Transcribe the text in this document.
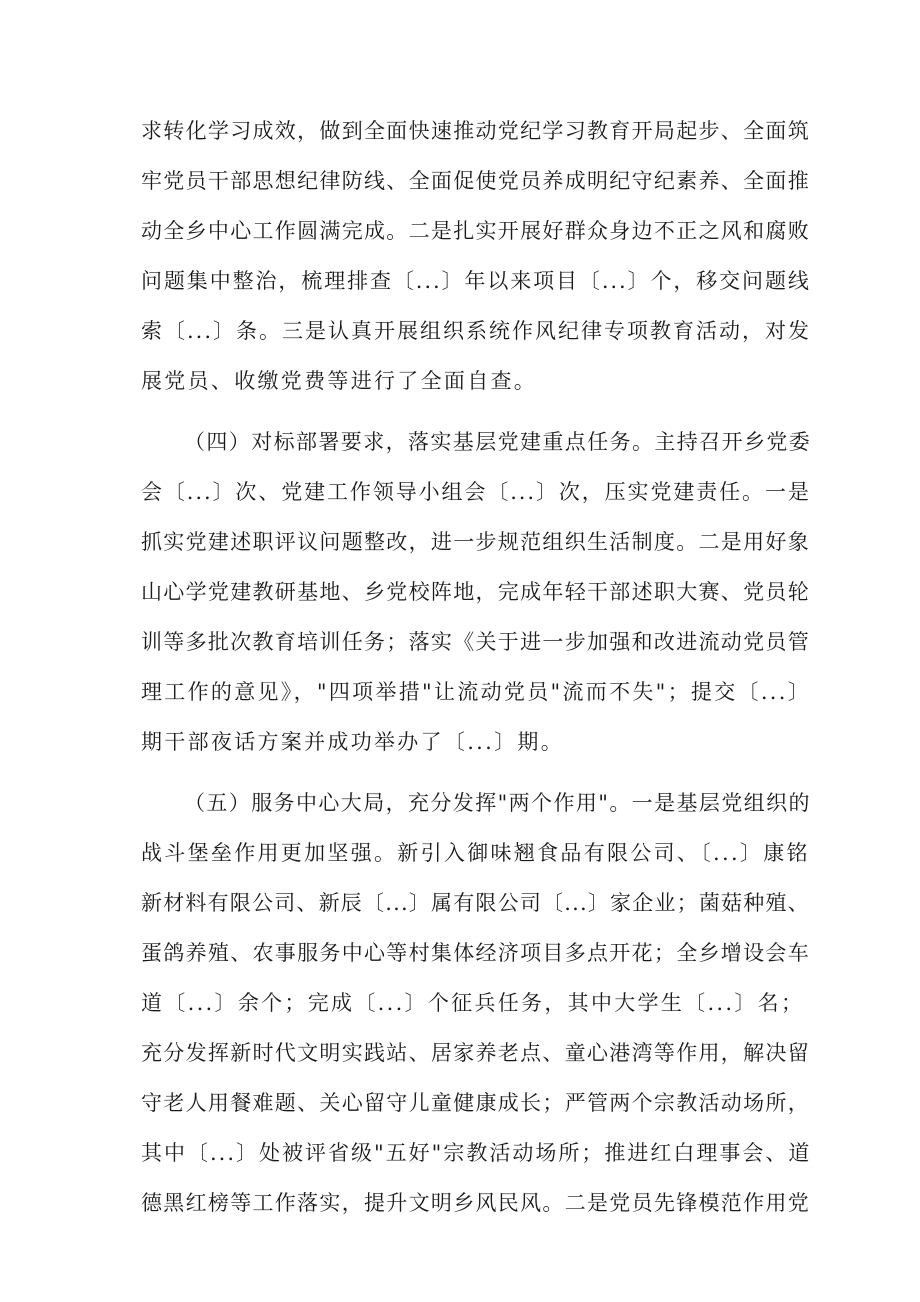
求转化学习成效，做到全面快速推动党纪学习教育开局起步、全面筑

牢党员干部思想纪律防线、全面促使党员养成明纪守纪素养、全面推

动全乡中心工作圆满完成。二是扎实开展好群众身边不正之风和腐败

问题集中整治，梳理排查〔...〕年以来项目〔...〕个，移交问题线

索〔...〕条。三是认真开展组织系统作风纪律专项教育活动，对发

展党员、收缴党费等进行了全面自查。

（四）对标部署要求，落实基层党建重点任务。主持召开乡党委

会〔...〕次、党建工作领导小组会〔...〕次，压实党建责任。一是

抓实党建述职评议问题整改，进一步规范组织生活制度。二是用好象

山心学党建教研基地、乡党校阵地，完成年轻干部述职大赛、党员轮

训等多批次教育培训任务；落实《关于进一步加强和改进流动党员管

理工作的意见》，"四项举措"让流动党员"流而不失"；提交〔...〕

期干部夜话方案并成功举办了〔...〕期。

（五）服务中心大局，充分发挥"两个作用"。一是基层党组织的

战斗堡垒作用更加坚强。新引入御味翘食品有限公司、〔...〕康铭

新材料有限公司、新辰〔...〕属有限公司〔...〕家企业；菌菇种殖、

蛋鸽养殖、农事服务中心等村集体经济项目多点开花；全乡增设会车

道〔...〕余个；完成〔...〕个征兵任务，其中大学生〔...〕名；

充分发挥新时代文明实践站、居家养老点、童心港湾等作用，解决留

守老人用餐难题、关心留守儿童健康成长；严管两个宗教活动场所，

其中〔...〕处被评省级"五好"宗教活动场所；推进红白理事会、道

德黑红榜等工作落实，提升文明乡风民风。二是党员先锋模范作用党
